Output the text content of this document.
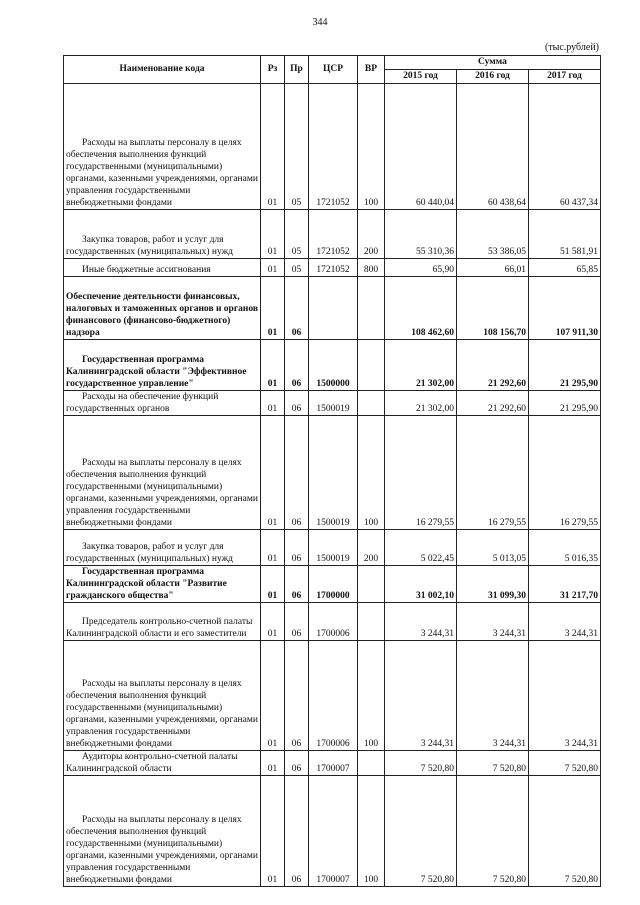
344
(тыс.рублей)
Наименование кода	Рз	Пр	ЦСР	ВР	Сумма		
					2015 год	2016 год	2017 год
Расходы на выплаты персоналу в целях обеспечения выполнения функций государственными (муниципальными) органами, казенными учреждениями, органами управления государственными внебюджетными фондами	01	05	1721052	100	60 440,04	60 438,64	60 437,34
Закупка товаров, работ и услуг для государственных (муниципальных) нужд	01	05	1721052	200	55 310,36	53 386,05	51 581,91
Иные бюджетные ассигнования	01	05	1721052	800	65,90	66,01	65,85
Обеспечение деятельности финансовых, налоговых и таможенных органов и органов финансового (финансово-бюджетного) надзора	01	06			108 462,60	108 156,70	107 911,30
Государственная программа Калининградской области "Эффективное государственное управление"	01	06	1500000		21 302,00	21 292,60	21 295,90
Расходы на обеспечение функций государственных органов	01	06	1500019		21 302,00	21 292,60	21 295,90
Расходы на выплаты персоналу в целях обеспечения выполнения функций государственными (муниципальными) органами, казенными учреждениями, органами управления государственными внебюджетными фондами	01	06	1500019	100	16 279,55	16 279,55	16 279,55
Закупка товаров, работ и услуг для государственных (муниципальных) нужд	01	06	1500019	200	5 022,45	5 013,05	5 016,35
Государственная программа Калининградской области "Развитие гражданского общества"	01	06	1700000		31 002,10	31 099,30	31 217,70
Председатель контрольно-счетной палаты Калининградской области и его заместители	01	06	1700006		3 244,31	3 244,31	3 244,31
Расходы на выплаты персоналу в целях обеспечения выполнения функций государственными (муниципальными) органами, казенными учреждениями, органами управления государственными внебюджетными фондами	01	06	1700006	100	3 244,31	3 244,31	3 244,31
Аудиторы контрольно-счетной палаты Калининградской области	01	06	1700007		7 520,80	7 520,80	7 520,80
Расходы на выплаты персоналу в целях обеспечения выполнения функций государственными (муниципальными) органами, казенными учреждениями, органами управления государственными внебюджетными фондами	01	06	1700007	100	7 520,80	7 520,80	7 520,80
